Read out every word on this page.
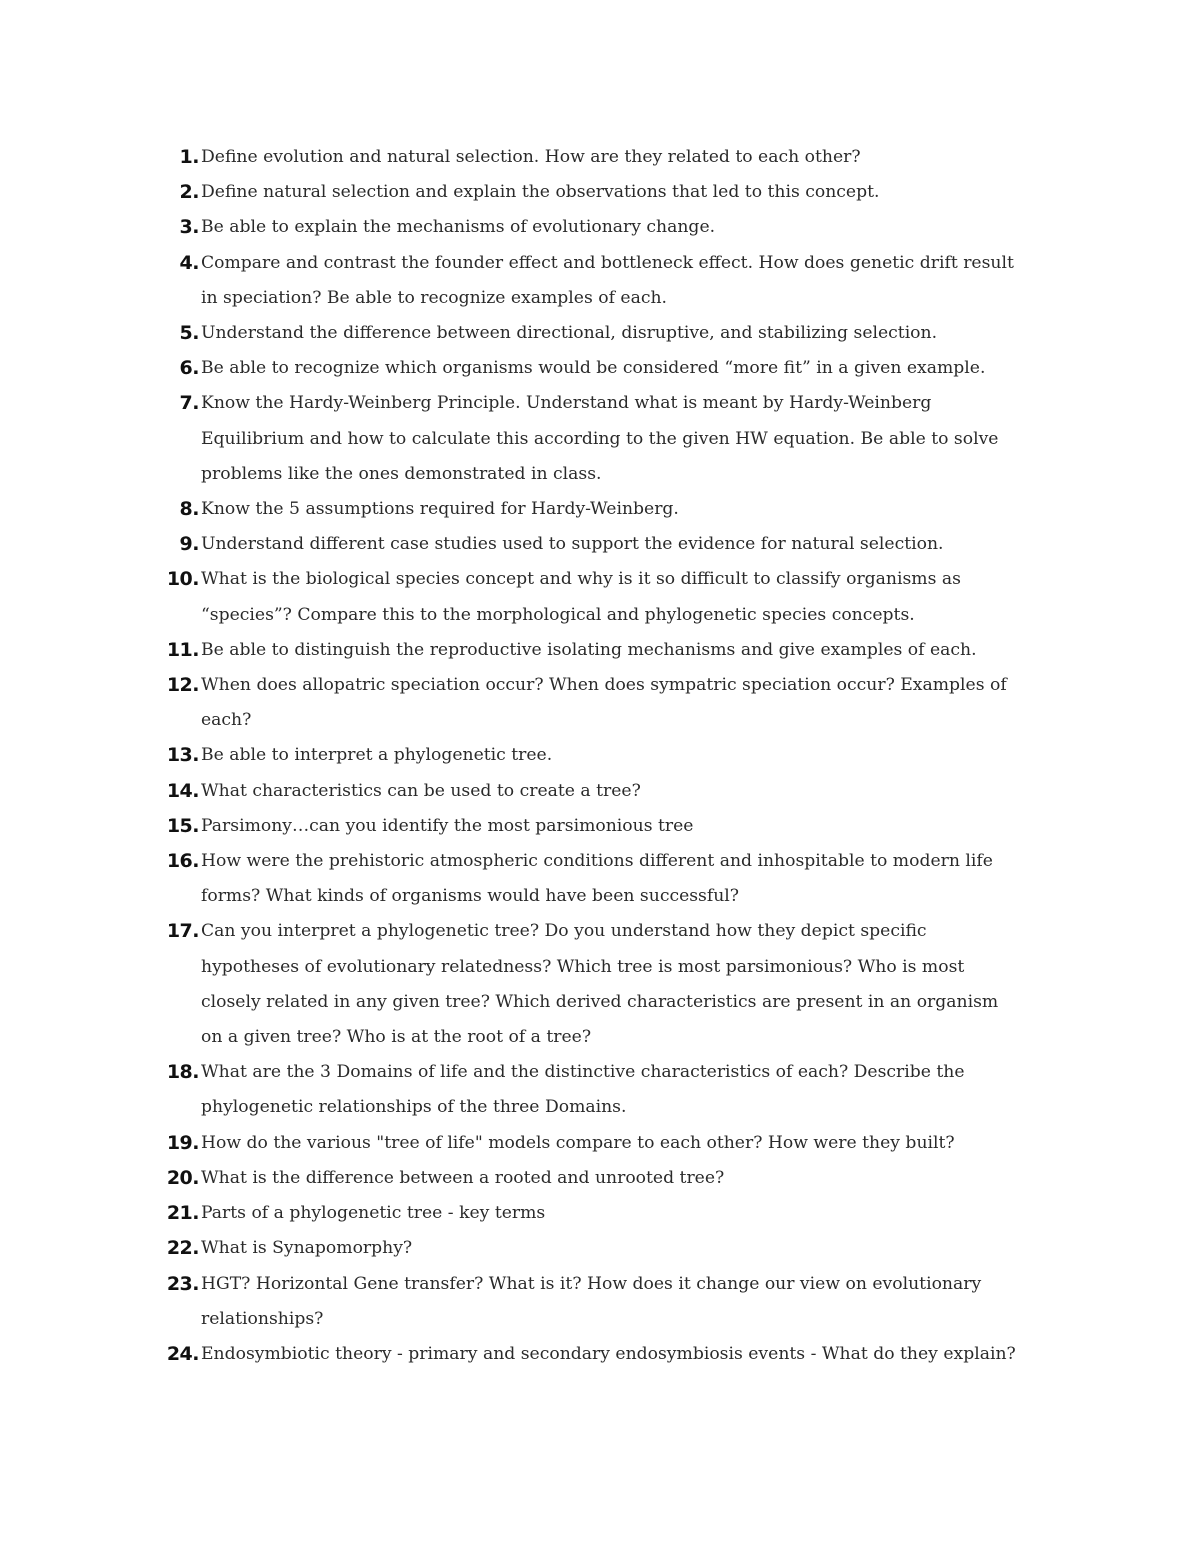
1. Define evolution and natural selection. How are they related to each other?
2. Define natural selection and explain the observations that led to this concept.
3. Be able to explain the mechanisms of evolutionary change.
4. Compare and contrast the founder effect and bottleneck effect. How does genetic drift result in speciation? Be able to recognize examples of each.
5. Understand the difference between directional, disruptive, and stabilizing selection.
6. Be able to recognize which organisms would be considered “more fit” in a given example.
7. Know the Hardy-Weinberg Principle. Understand what is meant by Hardy-Weinberg Equilibrium and how to calculate this according to the given HW equation. Be able to solve problems like the ones demonstrated in class.
8. Know the 5 assumptions required for Hardy-Weinberg.
9. Understand different case studies used to support the evidence for natural selection.
10. What is the biological species concept and why is it so difficult to classify organisms as “species”? Compare this to the morphological and phylogenetic species concepts.
11. Be able to distinguish the reproductive isolating mechanisms and give examples of each.
12. When does allopatric speciation occur? When does sympatric speciation occur? Examples of each?
13. Be able to interpret a phylogenetic tree.
14. What characteristics can be used to create a tree?
15. Parsimony…can you identify the most parsimonious tree
16. How were the prehistoric atmospheric conditions different and inhospitable to modern life forms? What kinds of organisms would have been successful?
17. Can you interpret a phylogenetic tree? Do you understand how they depict specific hypotheses of evolutionary relatedness? Which tree is most parsimonious? Who is most closely related in any given tree? Which derived characteristics are present in an organism on a given tree? Who is at the root of a tree?
18. What are the 3 Domains of life and the distinctive characteristics of each? Describe the phylogenetic relationships of the three Domains.
19. How do the various "tree of life" models compare to each other? How were they built?
20. What is the difference between a rooted and unrooted tree?
21. Parts of a phylogenetic tree - key terms
22. What is Synapomorphy?
23. HGT? Horizontal Gene transfer? What is it? How does it change our view on evolutionary relationships?
24. Endosymbiotic theory - primary and secondary endosymbiosis events - What do they explain?
